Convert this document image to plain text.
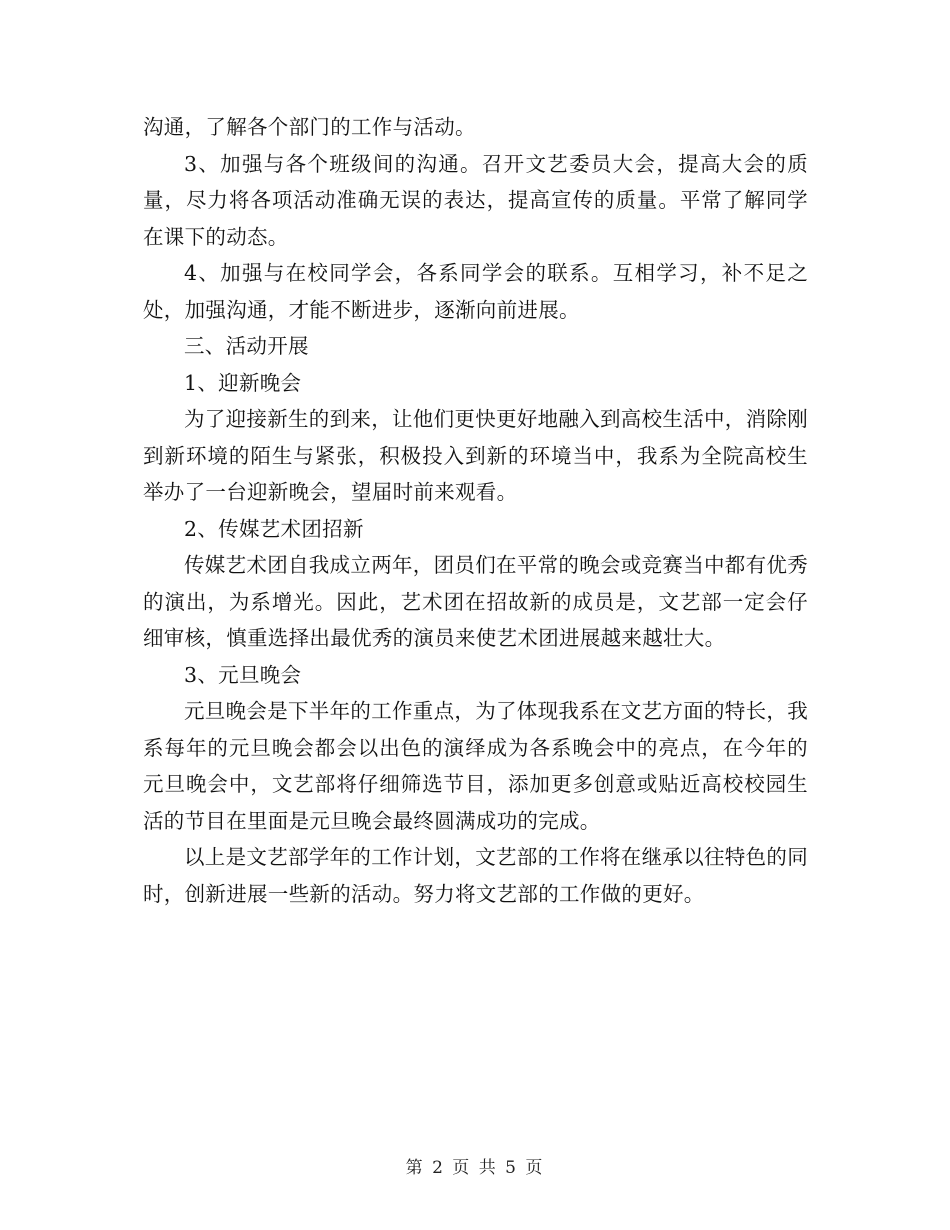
沟通，了解各个部门的工作与活动。

3、加强与各个班级间的沟通。召开文艺委员大会，提高大会的质量，尽力将各项活动准确无误的表达，提高宣传的质量。平常了解同学在课下的动态。

4、加强与在校同学会，各系同学会的联系。互相学习，补不足之处，加强沟通，才能不断进步，逐渐向前进展。

三、活动开展

1、迎新晚会

为了迎接新生的到来，让他们更快更好地融入到高校生活中，消除刚到新环境的陌生与紧张，积极投入到新的环境当中，我系为全院高校生举办了一台迎新晚会，望届时前来观看。

2、传媒艺术团招新

传媒艺术团自我成立两年，团员们在平常的晚会或竞赛当中都有优秀的演出，为系增光。因此，艺术团在招故新的成员是，文艺部一定会仔细审核，慎重选择出最优秀的演员来使艺术团进展越来越壮大。

3、元旦晚会

元旦晚会是下半年的工作重点，为了体现我系在文艺方面的特长，我系每年的元旦晚会都会以出色的演绎成为各系晚会中的亮点，在今年的元旦晚会中，文艺部将仔细筛选节目，添加更多创意或贴近高校校园生活的节目在里面是元旦晚会最终圆满成功的完成。

以上是文艺部学年的工作计划，文艺部的工作将在继承以往特色的同时，创新进展一些新的活动。努力将文艺部的工作做的更好。

第 2 页 共 5 页
